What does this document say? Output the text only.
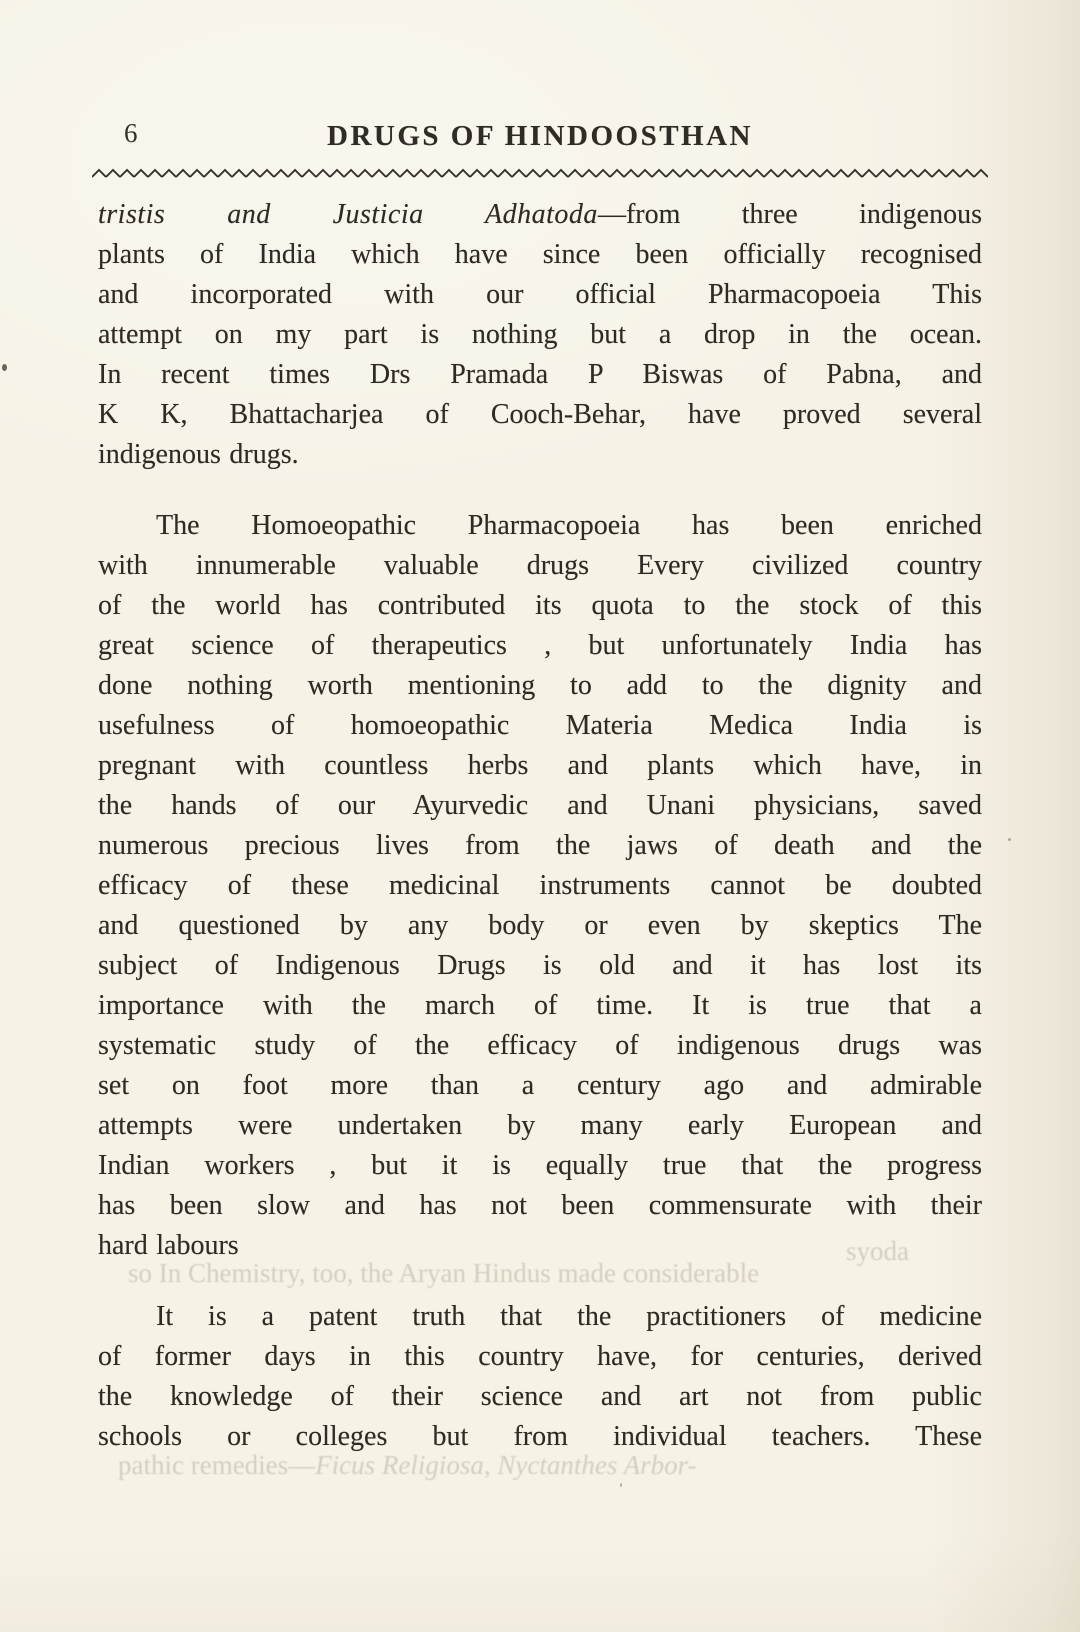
6	DRUGS OF HINDOOSTHAN
tristis and Justicia Adhatoda—from three indigenous
plants of India which have since been officially recognised
and incorporated with our official Pharmacopoeia This
attempt on my part is nothing but a drop in the ocean.
In recent times Drs Pramada P Biswas of Pabna, and
K K, Bhattacharjea of Cooch-Behar, have proved several
indigenous drugs.
The Homoeopathic Pharmacopoeia has been enriched
with innumerable valuable drugs Every civilized country
of the world has contributed its quota to the stock of this
great science of therapeutics , but unfortunately India has
done nothing worth mentioning to add to the dignity and
usefulness of homoeopathic Materia Medica India is
pregnant with countless herbs and plants which have, in
the hands of our Ayurvedic and Unani physicians, saved
numerous precious lives from the jaws of death and the
efficacy of these medicinal instruments cannot be doubted
and questioned by any body or even by skeptics The
subject of Indigenous Drugs is old and it has lost its
importance with the march of time. It is true that a
systematic study of the efficacy of indigenous drugs was
set on foot more than a century ago and admirable
attempts were undertaken by many early European and
Indian workers , but it is equally true that the progress
has been slow and has not been commensurate with their
hard labours
It is a patent truth that the practitioners of medicine
of former days in this country have, for centuries, derived
the knowledge of their science and art not from public
schools or colleges but from individual teachers. These
syoda
so In Chemistry, too, the Aryan Hindus made considerable
pathic remedies—Ficus Religiosa, Nyctanthes Arbor-
